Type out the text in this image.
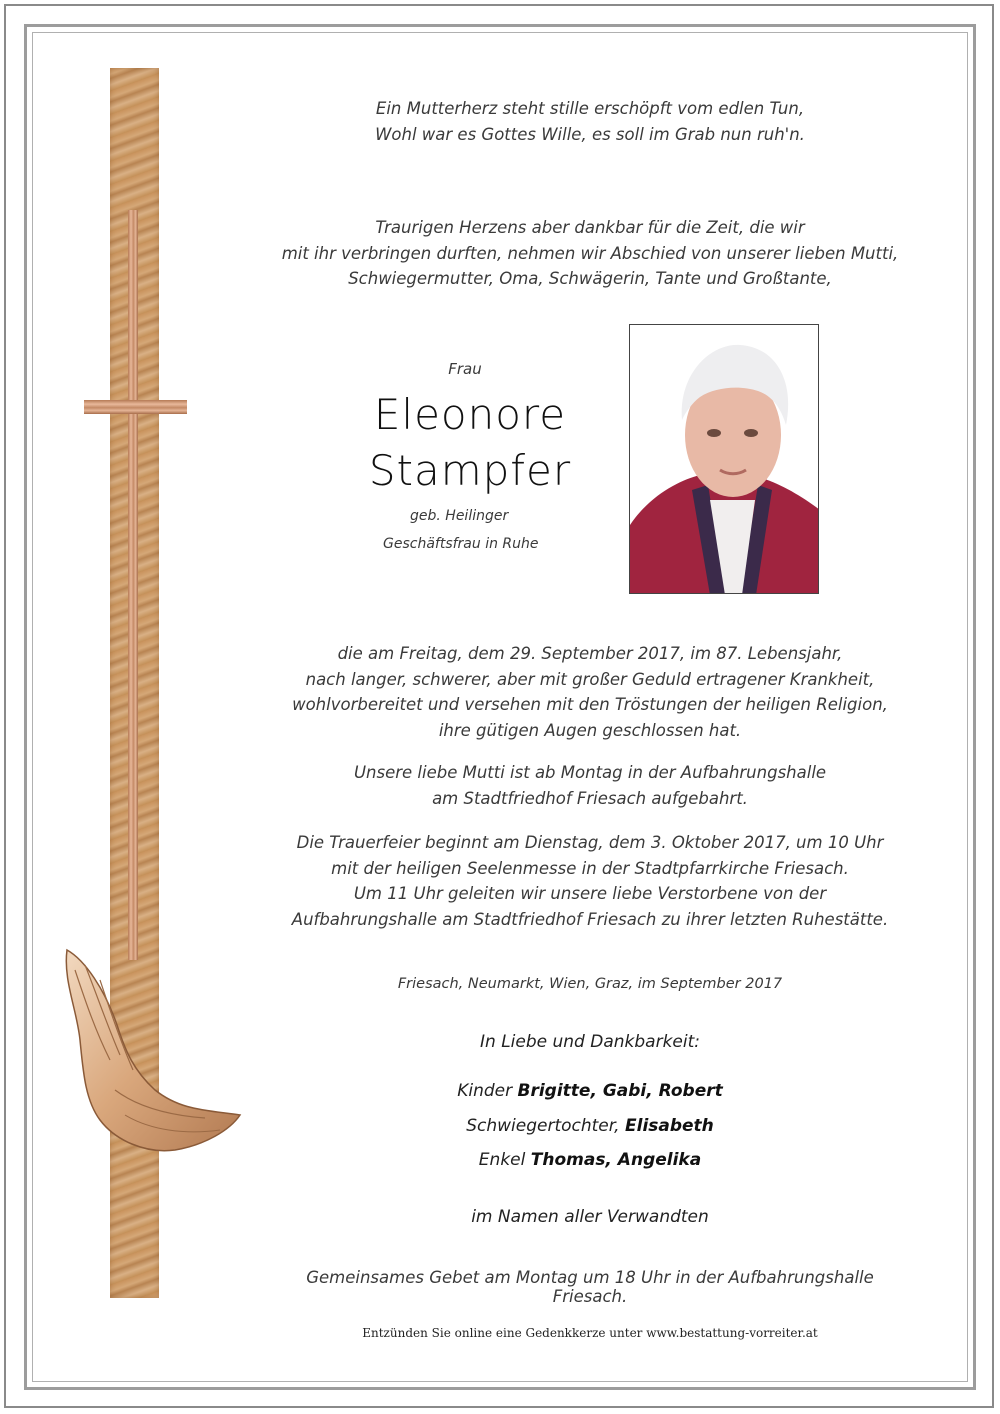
Ein Mutterherz steht stille erschöpft vom edlen Tun,

Wohl war es Gottes Wille, es soll im Grab nun ruh'n.

Traurigen Herzens aber dankbar für die Zeit, die wir

mit ihr verbringen durften, nehmen wir Abschied von unserer lieben Mutti,

Schwiegermutter, Oma, Schwägerin, Tante und Großtante,

Frau
Eleonore
Stampfer
geb. Heilinger
Geschäftsfrau in Ruhe

die am Freitag, dem 29. September 2017, im 87. Lebensjahr,

nach langer, schwerer, aber mit großer Geduld ertragener Krankheit,

wohlvorbereitet und versehen mit den Tröstungen der heiligen Religion,

ihre gütigen Augen geschlossen hat.

Unsere liebe Mutti ist ab Montag in der Aufbahrungshalle

am Stadtfriedhof Friesach aufgebahrt.

Die Trauerfeier beginnt am Dienstag, dem 3. Oktober 2017, um 10 Uhr

mit der heiligen Seelenmesse in der Stadtpfarrkirche Friesach.

Um 11 Uhr geleiten wir unsere liebe Verstorbene von der

Aufbahrungshalle am Stadtfriedhof Friesach zu ihrer letzten Ruhestätte.

Friesach, Neumarkt, Wien, Graz, im September 2017
In Liebe und Dankbarkeit:
Kinder Brigitte, Gabi, Robert
Schwiegertochter, Elisabeth
Enkel Thomas, Angelika
im Namen aller Verwandten
Gemeinsames Gebet am Montag um 18 Uhr in der Aufbahrungshalle Friesach.
Entzünden Sie online eine Gedenkkerze unter www.bestattung-vorreiter.at
